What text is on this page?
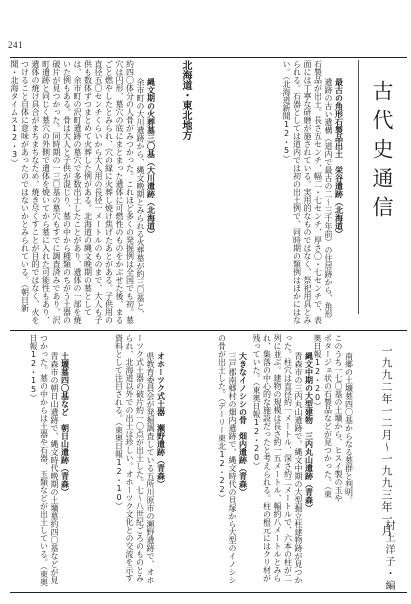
241

縄文期の火葬墓三〇基（大川遺跡（北海道）
余市町の大川遺跡から、縄文晩期とみられる火葬墓が約三〇基と、約四〇体分の人骨がみつかった。これほど多くの発掘例は全国でも初。墓穴は円形、墓穴の底にまとまった遺体に可燃性のものをかぶせた後、まるごと燃やしたとみられ、穴の縁に火葬し焼け焦げたあとがある。子供用の直径五〇センチくらいから大人用の長径一メートルのものまで、大人も子供も数体ずつまとめて火葬した例がある。北海道の縄文晩期の墓としては、余市町の沢町遺跡の墓穴で多数出土したことがあり、遺体の一部を焼いた例もある。骨は大人と子供が混じり、墓の中から種類のちがう土器の破片が見つかった。同時期の一三〇基の墓穴もすでに調査済みであり、沢町遺跡と同じく墓穴の外側で遺体を焼いてから墓に入れた可能性もあり、遺体の焼け具合がまちまちなため、焼き尽くすことが目的ではなく、火をつけること自体に意味があったのではないかとみられている。（朝日新聞・北海タイムス12・3）	北海道・東北地方	最古の角形石製品出土　栄谷遺跡（北海道）
遺跡の古い遺構（道内で最古の二〜三千年前）の住居跡から、角形石製品が出土。長さ五センチ、幅二・七センチ、厚さ〇・七センチで、表面には丁寧な研磨が施されている。実用的なものではなく、祭祀用具とみられる。石器としては道内では初の出土例で、同時期の類例はほかにはない。（北海道新聞12・5）	古代史通信

土壙墓四〇基など　朝日山遺跡（青森）
青森市の朝日山遺跡で、縄文時代晩期の土壙墓約四〇基などが見つかった。墓の中からは土器や石器、玉類などが出土している。（東奥日報12・15）	オホーツク式土器　瀬野遺跡（青森）
県教育委員会が発掘調査している五所川原市の瀬野遺跡で、オホーツク式土器の破片約一〇点が出土した。七〜八世紀ごろのものとみられ、北海道以外での出土は珍しい。オホーツク文化との交流を示す資料として注目される。（東奥日報12・10）	大きなイノシシの骨　畑内遺跡（青森）
三戸郡南郷村の畑内遺跡で、縄文時代の貝塚から大型のイノシシの骨が出土した。（デーリー東北12・22）	縄文中期の大型建物　三内丸山遺跡（青森）
青森市の三内丸山遺跡で、縄文中期の大型掘立柱建物跡が見つかった。柱穴は直径約一メートル、深さ約二メートルで、六本の柱が二列に並ぶ。建物の規模は長さ約一五メートル、幅約八メートルとみられ、集落の中心的な施設だったと考えられる。柱の根元にはクリ材が残っていた。（東奥日報12・20）	南郷の土壙墓四〇基からなる墓群と判明。このうち一七〇基の土壙から、ヒスイ製の玉やポタージュ状の石製品などが見つかった。（東奥日報12・20）	一九九二年一二月〜一九九三年一月
村上洋子・編
